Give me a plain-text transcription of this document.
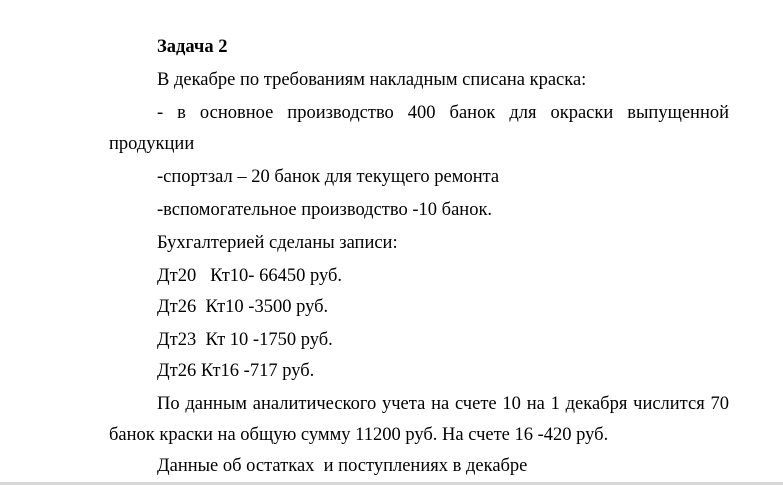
Задача 2
В декабре по требованиям накладным списана краска:
- в основное производство 400 банок для окраски выпущенной
продукции
-спортзал – 20 банок для текущего ремонта
-вспомогательное производство -10 банок.
Бухгалтерией сделаны записи:
Дт20   Кт10- 66450 руб.
Дт26  Кт10 -3500 руб.
Дт23  Кт 10 -1750 руб.
Дт26 Кт16 -717 руб.
По данным аналитического учета на счете 10 на 1 декабря числится 70
банок краски на общую сумму 11200 руб. На счете 16 -420 руб.
Данные об остатках  и поступлениях в декабре
